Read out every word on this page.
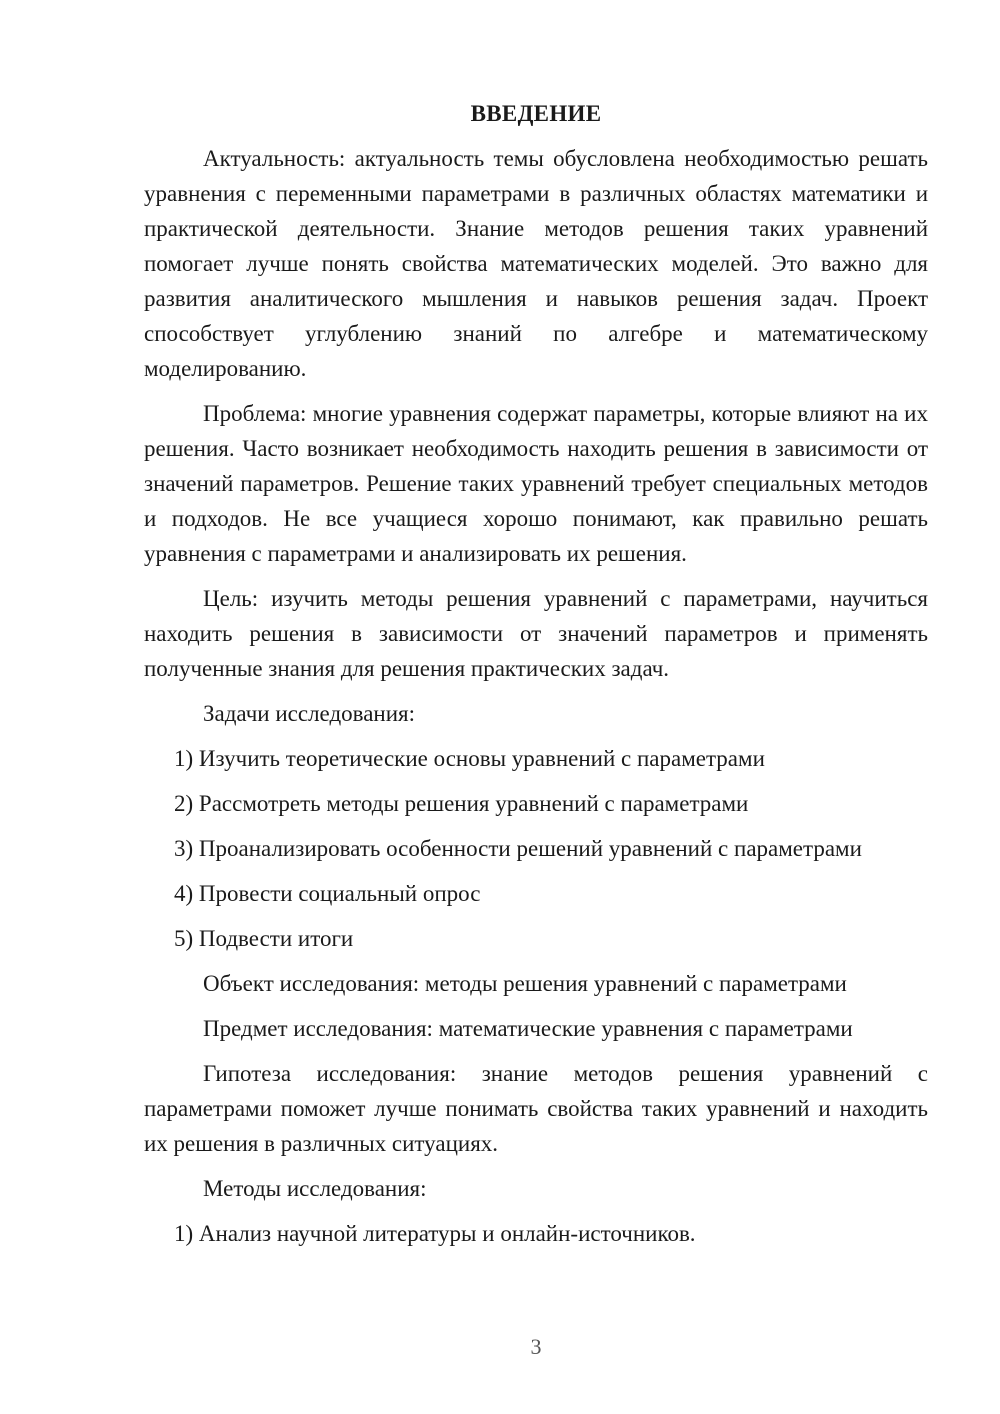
ВВЕДЕНИЕ

Актуальность: актуальность темы обусловлена необходимостью решать уравнения с переменными параметрами в различных областях математики и практической деятельности. Знание методов решения таких уравнений помогает лучше понять свойства математических моделей. Это важно для развития аналитического мышления и навыков решения задач. Проект способствует углублению знаний по алгебре и математическому моделированию.

Проблема: многие уравнения содержат параметры, которые влияют на их решения. Часто возникает необходимость находить решения в зависимости от значений параметров. Решение таких уравнений требует специальных методов и подходов. Не все учащиеся хорошо понимают, как правильно решать уравнения с параметрами и анализировать их решения.

Цель: изучить методы решения уравнений с параметрами, научиться находить решения в зависимости от значений параметров и применять полученные знания для решения практических задач.

Задачи исследования:
1) Изучить теоретические основы уравнений с параметрами
2) Рассмотреть методы решения уравнений с параметрами
3) Проанализировать особенности решений уравнений с параметрами
4) Провести социальный опрос
5) Подвести итоги
Объект исследования: методы решения уравнений с параметрами
Предмет исследования: математические уравнения с параметрами

Гипотеза исследования: знание методов решения уравнений с параметрами поможет лучше понимать свойства таких уравнений и находить их решения в различных ситуациях.

Методы исследования:
1) Анализ научной литературы и онлайн-источников.
3
